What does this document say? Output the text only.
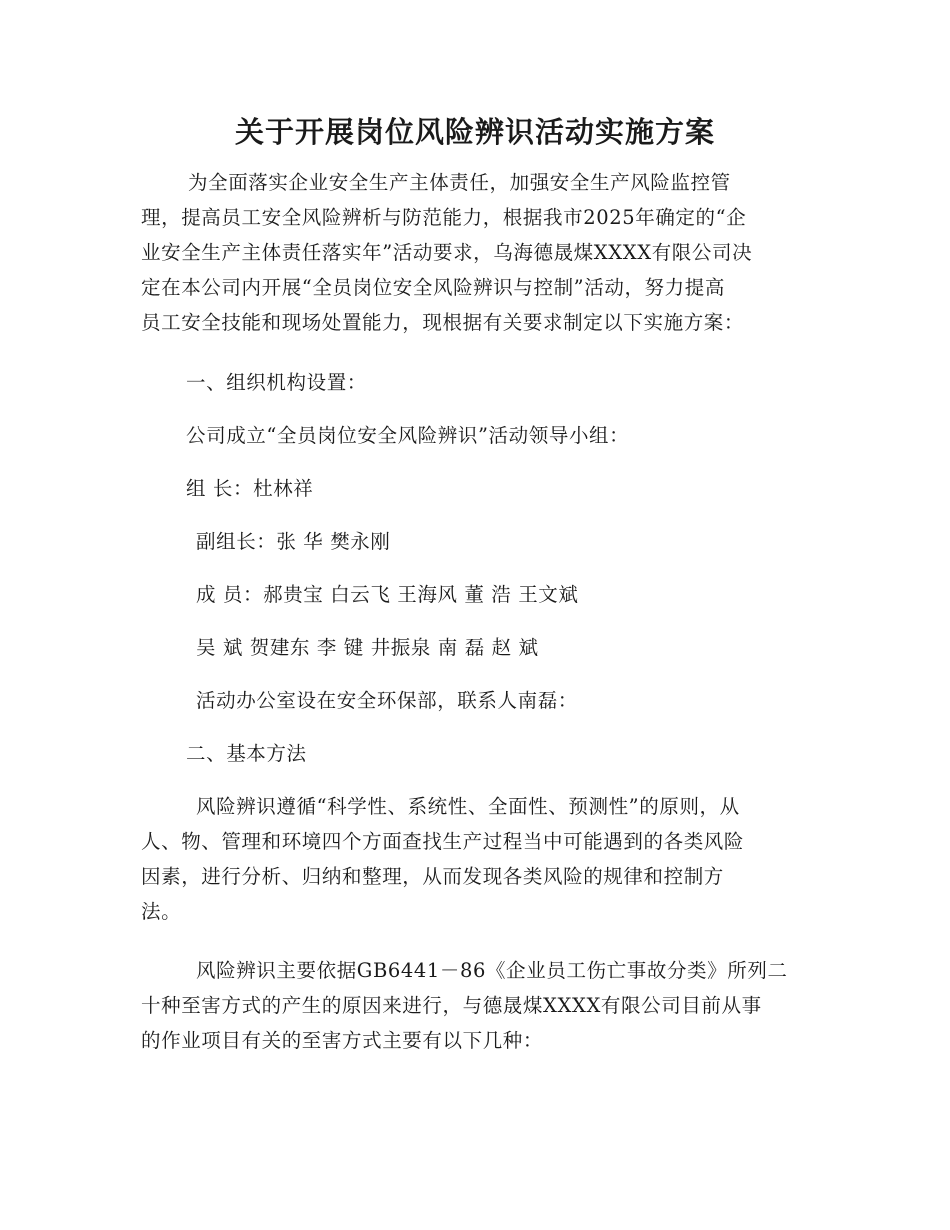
关于开展岗位风险辨识活动实施方案
为全面落实企业安全生产主体责任，加强安全生产风险监控管
理，提高员工安全风险辨析与防范能力，根据我市2025年确定的“企
业安全生产主体责任落实年”活动要求，乌海德晟煤XXXX有限公司决
定在本公司内开展“全员岗位安全风险辨识与控制”活动，努力提高
员工安全技能和现场处置能力，现根据有关要求制定以下实施方案：
一、组织机构设置：
公司成立“全员岗位安全风险辨识”活动领导小组：
组 长：杜林祥
副组长：张 华 樊永刚
成 员：郝贵宝 白云飞 王海风 董 浩 王文斌
吴 斌 贺建东 李 键 井振泉 南 磊 赵 斌
活动办公室设在安全环保部，联系人南磊：
二、基本方法
风险辨识遵循“科学性、系统性、全面性、预测性”的原则，从
人、物、管理和环境四个方面查找生产过程当中可能遇到的各类风险
因素，进行分析、归纳和整理，从而发现各类风险的规律和控制方
法。
风险辨识主要依据GB6441－86《企业员工伤亡事故分类》所列二
十种至害方式的产生的原因来进行，与德晟煤XXXX有限公司目前从事
的作业项目有关的至害方式主要有以下几种：
